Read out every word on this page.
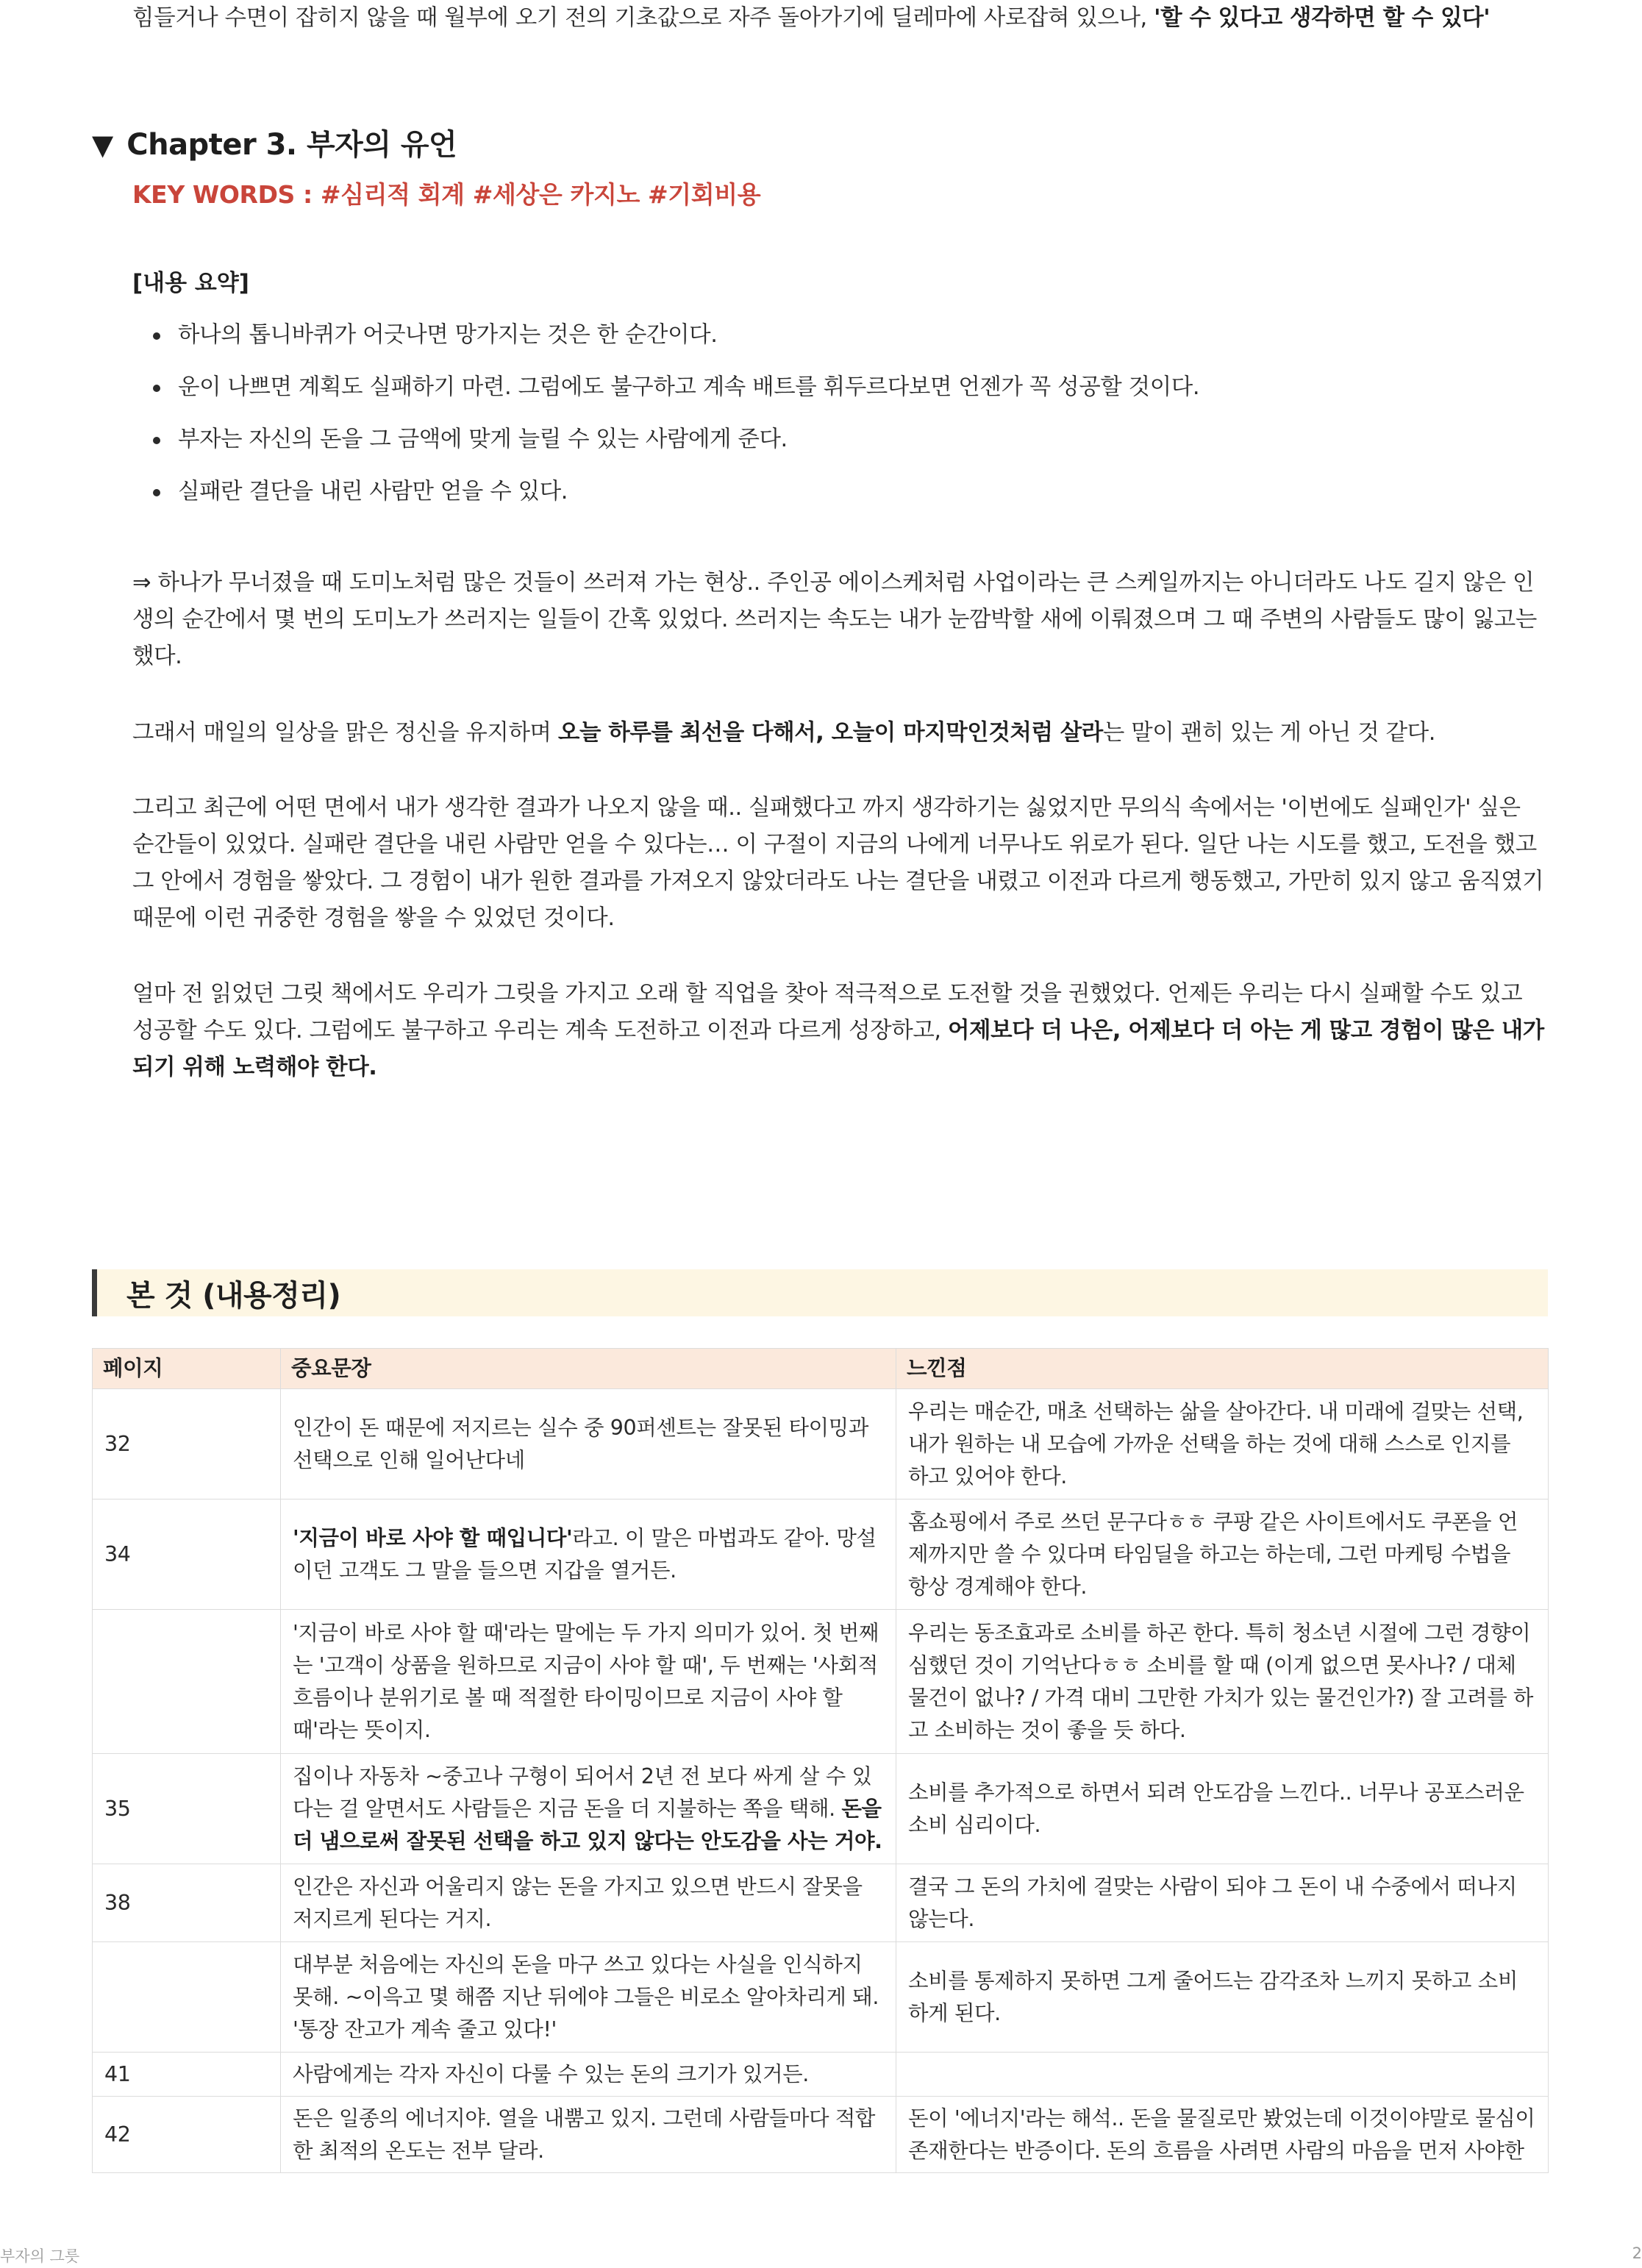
힘들거나 수면이 잡히지 않을 때 월부에 오기 전의 기초값으로 자주 돌아가기에 딜레마에 사로잡혀 있으나, '할 수 있다고 생각하면 할 수 있다'

▼ Chapter 3. 부자의 유언

KEY WORDS : #심리적 회계 #세상은 카지노 #기회비용

[내용 요약]

하나의 톱니바퀴가 어긋나면 망가지는 것은 한 순간이다.
운이 나쁘면 계획도 실패하기 마련. 그럼에도 불구하고 계속 배트를 휘두르다보면 언젠가 꼭 성공할 것이다.
부자는 자신의 돈을 그 금액에 맞게 늘릴 수 있는 사람에게 준다.
실패란 결단을 내린 사람만 얻을 수 있다.

⇒ 하나가 무너졌을 때 도미노처럼 많은 것들이 쓰러져 가는 현상.. 주인공 에이스케처럼 사업이라는 큰 스케일까지는 아니더라도 나도 길지 않은 인생의 순간에서 몇 번의 도미노가 쓰러지는 일들이 간혹 있었다. 쓰러지는 속도는 내가 눈깜박할 새에 이뤄졌으며 그 때 주변의 사람들도 많이 잃고는 했다.

그래서 매일의 일상을 맑은 정신을 유지하며 오늘 하루를 최선을 다해서, 오늘이 마지막인것처럼 살라는 말이 괜히 있는 게 아닌 것 같다.

그리고 최근에 어떤 면에서 내가 생각한 결과가 나오지 않을 때.. 실패했다고 까지 생각하기는 싫었지만 무의식 속에서는 '이번에도 실패인가' 싶은 순간들이 있었다. 실패란 결단을 내린 사람만 얻을 수 있다는… 이 구절이 지금의 나에게 너무나도 위로가 된다. 일단 나는 시도를 했고, 도전을 했고 그 안에서 경험을 쌓았다. 그 경험이 내가 원한 결과를 가져오지 않았더라도 나는 결단을 내렸고 이전과 다르게 행동했고, 가만히 있지 않고 움직였기 때문에 이런 귀중한 경험을 쌓을 수 있었던 것이다.

얼마 전 읽었던 그릿 책에서도 우리가 그릿을 가지고 오래 할 직업을 찾아 적극적으로 도전할 것을 권했었다. 언제든 우리는 다시 실패할 수도 있고 성공할 수도 있다. 그럼에도 불구하고 우리는 계속 도전하고 이전과 다르게 성장하고, 어제보다 더 나은, 어제보다 더 아는 게 많고 경험이 많은 내가 되기 위해 노력해야 한다.

본 것 (내용정리)
페이지	중요문장	느낀점
32	인간이 돈 때문에 저지르는 실수 중 90퍼센트는 잘못된 타이밍과 선택으로 인해 일어난다네	우리는 매순간, 매초 선택하는 삶을 살아간다. 내 미래에 걸맞는 선택, 내가 원하는 내 모습에 가까운 선택을 하는 것에 대해 스스로 인지를 하고 있어야 한다.
34	'지금이 바로 사야 할 때입니다'라고. 이 말은 마법과도 같아. 망설이던 고객도 그 말을 들으면 지갑을 열거든.	홈쇼핑에서 주로 쓰던 문구다ㅎㅎ 쿠팡 같은 사이트에서도 쿠폰을 언제까지만 쓸 수 있다며 타임딜을 하고는 하는데, 그런 마케팅 수법을 항상 경계해야 한다.
	'지금이 바로 사야 할 때'라는 말에는 두 가지 의미가 있어. 첫 번째는 '고객이 상품을 원하므로 지금이 사야 할 때', 두 번째는 '사회적 흐름이나 분위기로 볼 때 적절한 타이밍이므로 지금이 사야 할 때'라는 뜻이지.	우리는 동조효과로 소비를 하곤 한다. 특히 청소년 시절에 그런 경향이 심했던 것이 기억난다ㅎㅎ 소비를 할 때 (이게 없으면 못사나? / 대체 물건이 없나? / 가격 대비 그만한 가치가 있는 물건인가?) 잘 고려를 하고 소비하는 것이 좋을 듯 하다.
35	집이나 자동차 ~중고나 구형이 되어서 2년 전 보다 싸게 살 수 있다는 걸 알면서도 사람들은 지금 돈을 더 지불하는 쪽을 택해. 돈을 더 냄으로써 잘못된 선택을 하고 있지 않다는 안도감을 사는 거야.	소비를 추가적으로 하면서 되려 안도감을 느낀다.. 너무나 공포스러운 소비 심리이다.
38	인간은 자신과 어울리지 않는 돈을 가지고 있으면 반드시 잘못을 저지르게 된다는 거지.	결국 그 돈의 가치에 걸맞는 사람이 되야 그 돈이 내 수중에서 떠나지 않는다.
	대부분 처음에는 자신의 돈을 마구 쓰고 있다는 사실을 인식하지 못해. ~이윽고 몇 해쯤 지난 뒤에야 그들은 비로소 알아차리게 돼. '통장 잔고가 계속 줄고 있다!'	소비를 통제하지 못하면 그게 줄어드는 감각조차 느끼지 못하고 소비하게 된다.
41	사람에게는 각자 자신이 다룰 수 있는 돈의 크기가 있거든.	
42	돈은 일종의 에너지야. 열을 내뿜고 있지. 그런데 사람들마다 적합한 최적의 온도는 전부 달라.	돈이 '에너지'라는 해석.. 돈을 물질로만 봤었는데 이것이야말로 물심이 존재한다는 반증이다. 돈의 흐름을 사려면 사람의 마음을 먼저 사야한
부자의 그릇	2
